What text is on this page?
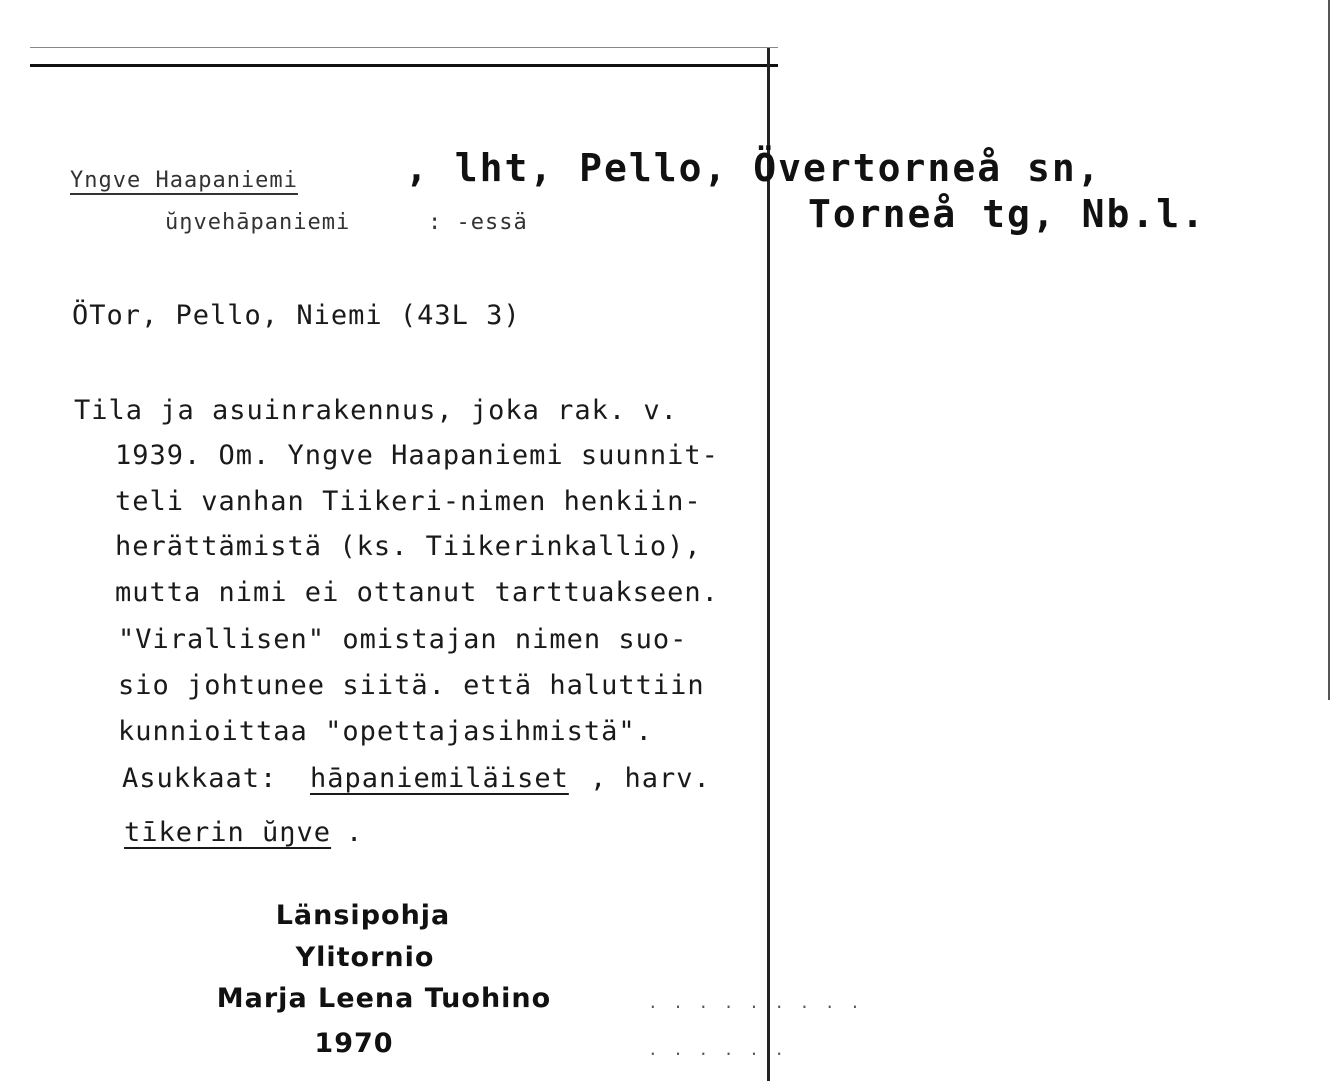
Yngve Haapaniemi	, lht, Pello, Övertorneå sn,
Torneå tg, Nb.l.
ŭŋvehāpaniemi	: -essä
ÖTor, Pello, Niemi (43L 3)
Tila ja asuinrakennus, joka rak. v.
1939. Om. Yngve Haapaniemi suunnit-
teli vanhan Tiikeri-nimen henkiin-
herättämistä (ks. Tiikerinkallio),
mutta nimi ei ottanut tarttuakseen.
"Virallisen" omistajan nimen suo-
sio johtunee siitä. että haluttiin
kunnioittaa "opettajasihmistä".
Asukkaat: hāpaniemiläiset , harv.
tīkerin ŭŋve .
Länsipohja
Ylitornio
Marja Leena Tuohino
1970
. . . . . . . . .
. . . . . .
